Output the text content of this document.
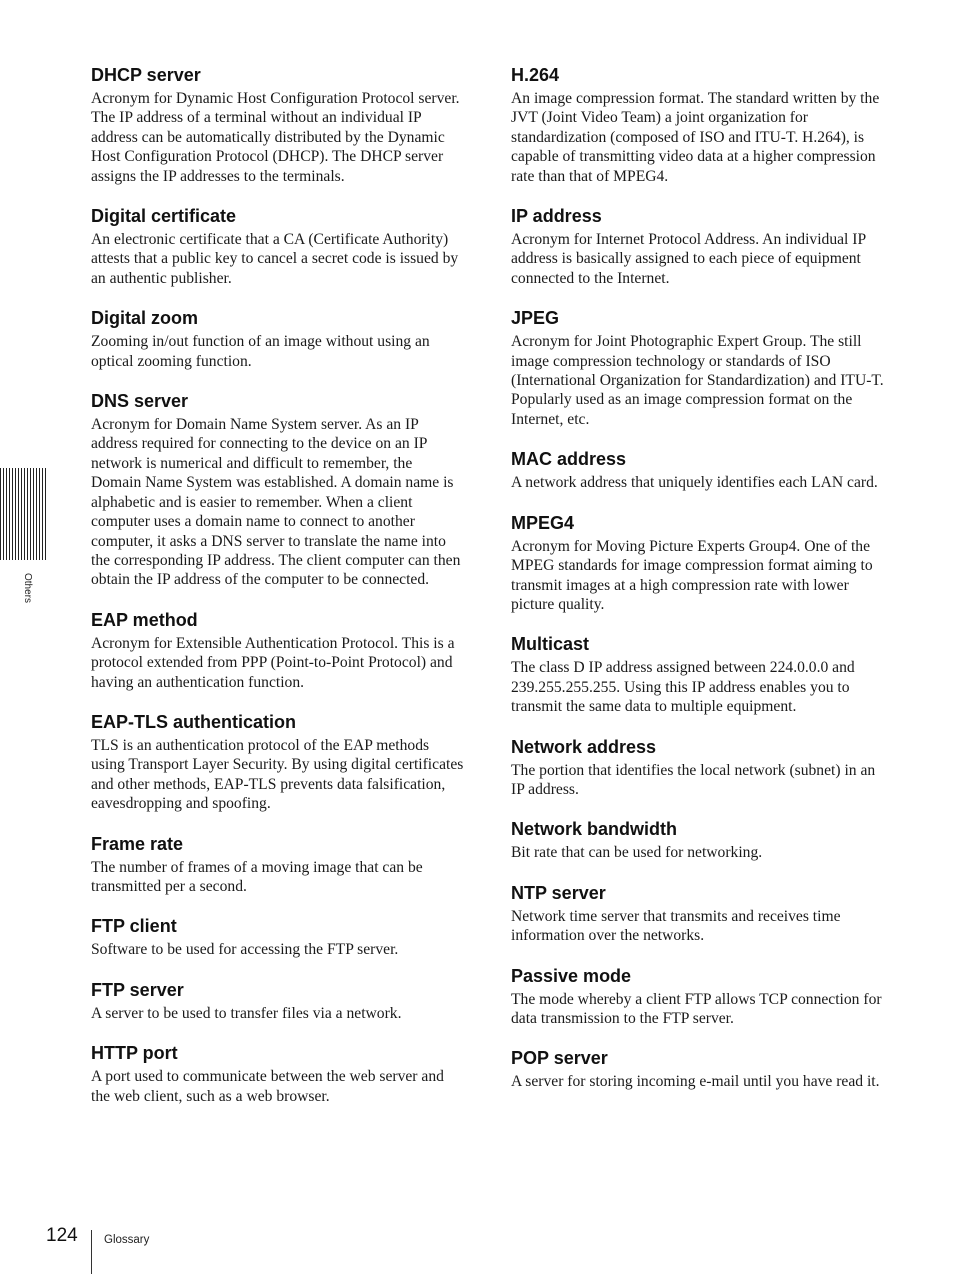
Others
DHCP server

Acronym for Dynamic Host Configuration Protocol server. The IP address of a terminal without an individual IP address can be automatically distributed by the Dynamic Host Configuration Protocol (DHCP). The DHCP server assigns the IP addresses to the terminals.

Digital certificate

An electronic certificate that a CA (Certificate Authority) attests that a public key to cancel a secret code is issued by an authentic publisher.

Digital zoom

Zooming in/out function of an image without using an optical zooming function.

DNS server

Acronym for Domain Name System server. As an IP address required for connecting to the device on an IP network is numerical and difficult to remember, the Domain Name System was established. A domain name is alphabetic and is easier to remember. When a client computer uses a domain name to connect to another computer, it asks a DNS server to translate the name into the corresponding IP address. The client computer can then obtain the IP address of the computer to be connected.

EAP method

Acronym for Extensible Authentication Protocol. This is a protocol extended from PPP (Point-to-Point Protocol) and having an authentication function.

EAP-TLS authentication

TLS is an authentication protocol of the EAP methods using Transport Layer Security. By using digital certificates and other methods, EAP-TLS prevents data falsification, eavesdropping and spoofing.

Frame rate

The number of frames of a moving image that can be transmitted per a second.

FTP client

Software to be used for accessing the FTP server.

FTP server

A server to be used to transfer files via a network.

HTTP port

A port used to communicate between the web server and the web client, such as a web browser.

H.264

An image compression format. The standard written by the JVT (Joint Video Team) a joint organization for standardization (composed of ISO and ITU-T. H.264), is capable of transmitting video data at a higher compression rate than that of MPEG4.

IP address

Acronym for Internet Protocol Address. An individual IP address is basically assigned to each piece of equipment connected to the Internet.

JPEG

Acronym for Joint Photographic Expert Group. The still image compression technology or standards of ISO (International Organization for Standardization) and ITU-T. Popularly used as an image compression format on the Internet, etc.

MAC address

A network address that uniquely identifies each LAN card.

MPEG4

Acronym for Moving Picture Experts Group4. One of the MPEG standards for image compression format aiming to transmit images at a high compression rate with lower picture quality.

Multicast

The class D IP address assigned between 224.0.0.0 and 239.255.255.255. Using this IP address enables you to transmit the same data to multiple equipment.

Network address

The portion that identifies the local network (subnet) in an IP address.

Network bandwidth

Bit rate that can be used for networking.

NTP server

Network time server that transmits and receives time information over the networks.

Passive mode

The mode whereby a client FTP allows TCP connection for data transmission to the FTP server.

POP server

A server for storing incoming e-mail until you have read it.

124 Glossary
